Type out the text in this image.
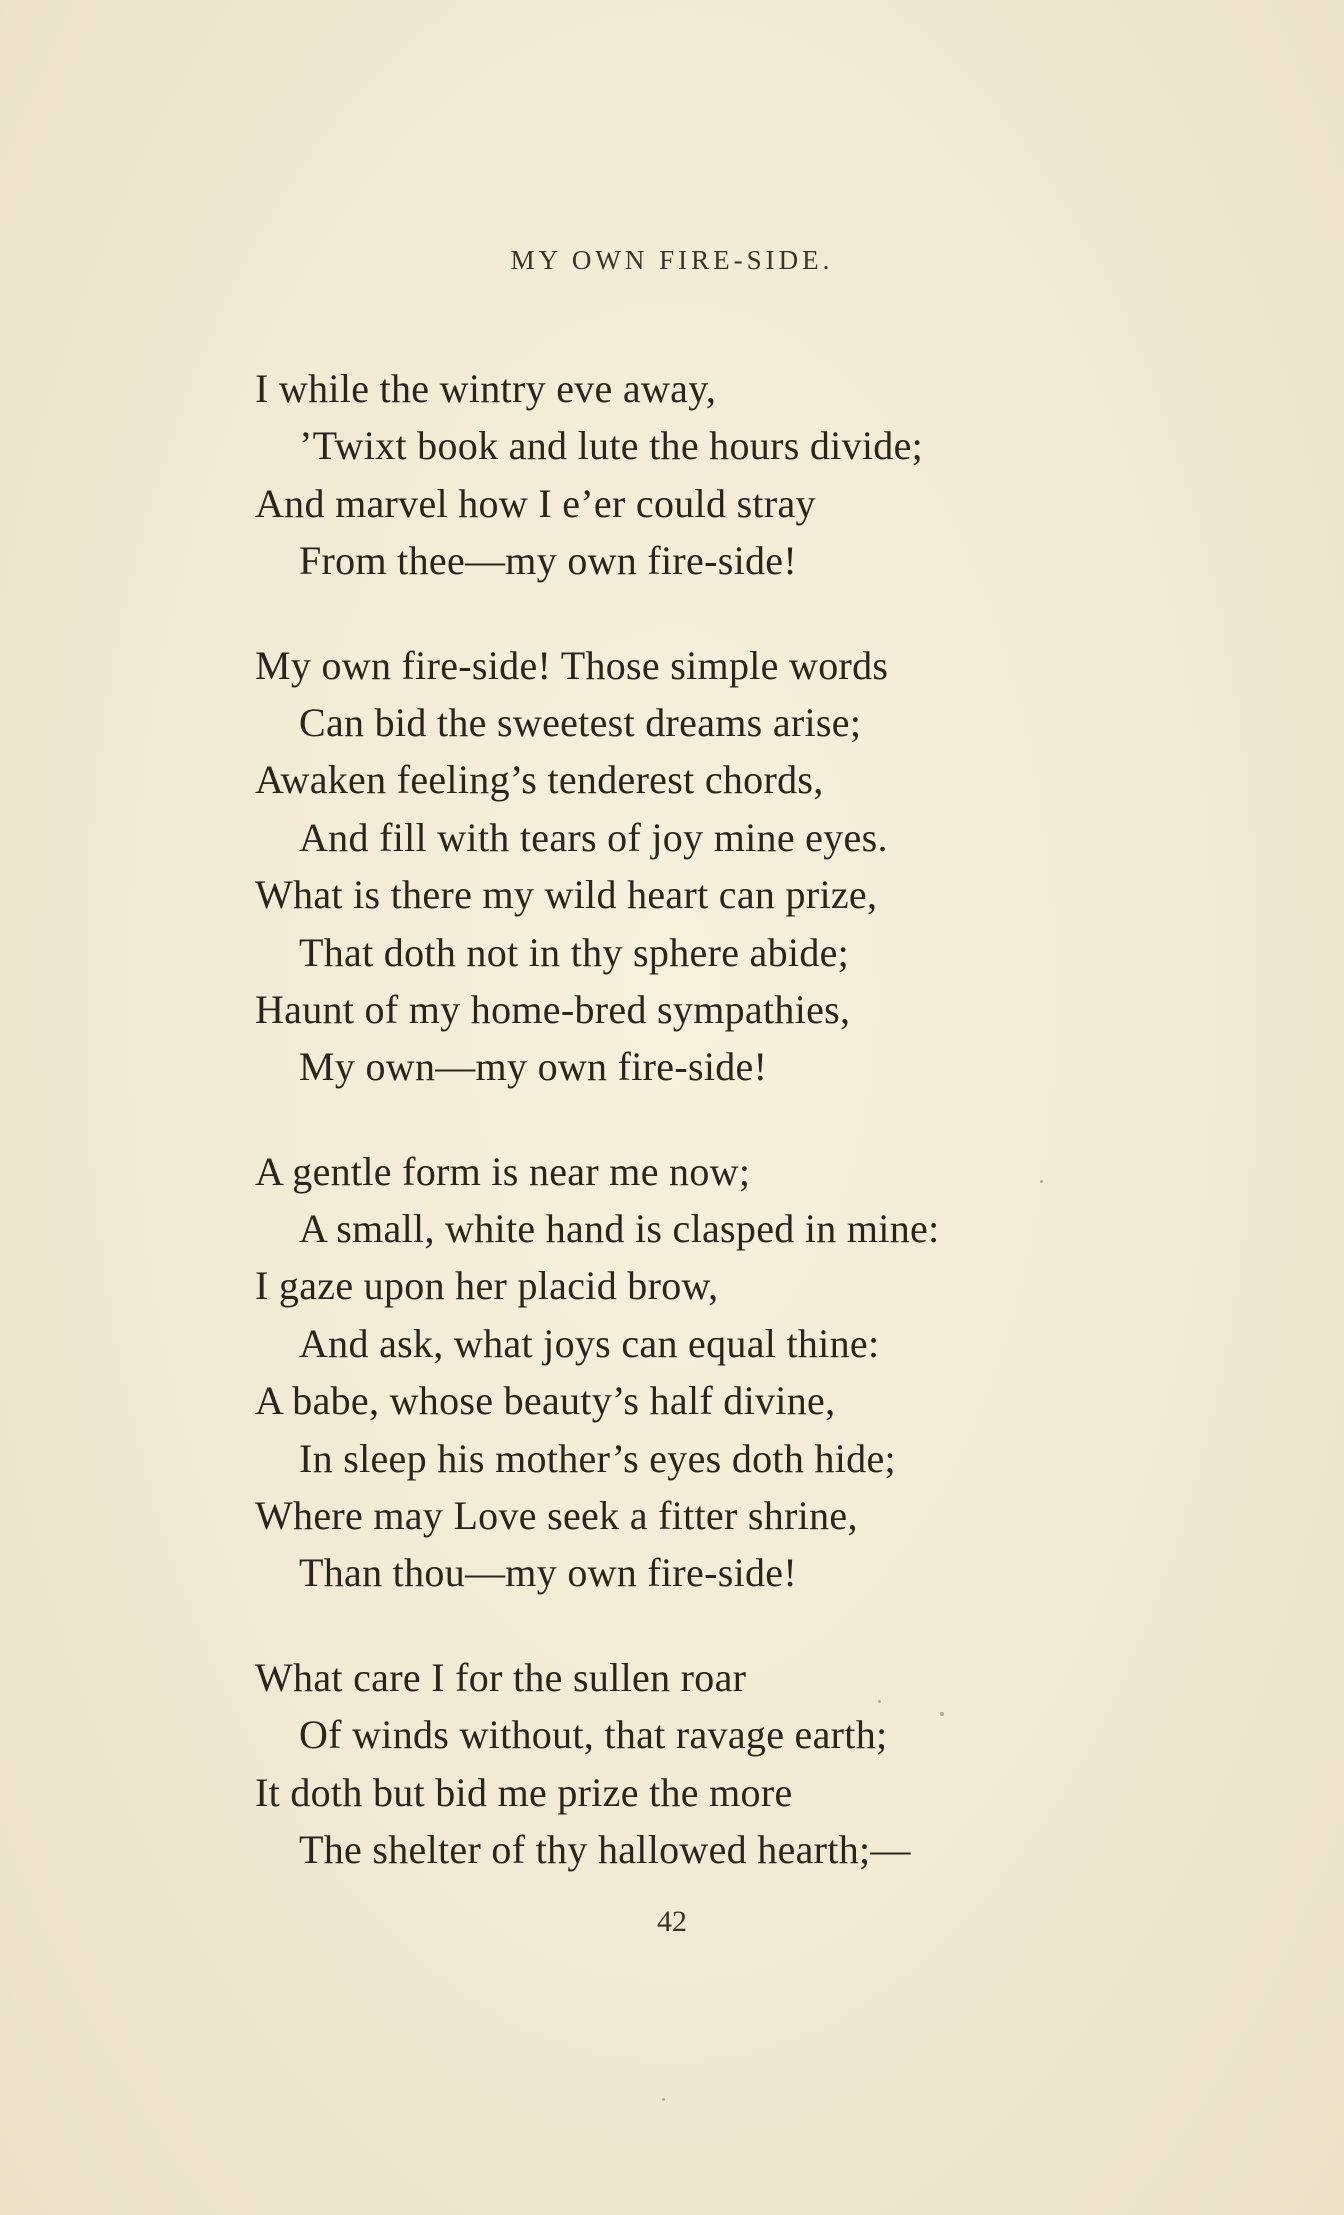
MY OWN FIRE-SIDE.
I while the wintry eve away,
’Twixt book and lute the hours divide;
And marvel how I e’er could stray
From thee—my own fire-side!
My own fire-side! Those simple words
Can bid the sweetest dreams arise;
Awaken feeling’s tenderest chords,
And fill with tears of joy mine eyes.
What is there my wild heart can prize,
That doth not in thy sphere abide;
Haunt of my home-bred sympathies,
My own—my own fire-side!
A gentle form is near me now;
A small, white hand is clasped in mine:
I gaze upon her placid brow,
And ask, what joys can equal thine:
A babe, whose beauty’s half divine,
In sleep his mother’s eyes doth hide;
Where may Love seek a fitter shrine,
Than thou—my own fire-side!
What care I for the sullen roar
Of winds without, that ravage earth;
It doth but bid me prize the more
The shelter of thy hallowed hearth;—
42
